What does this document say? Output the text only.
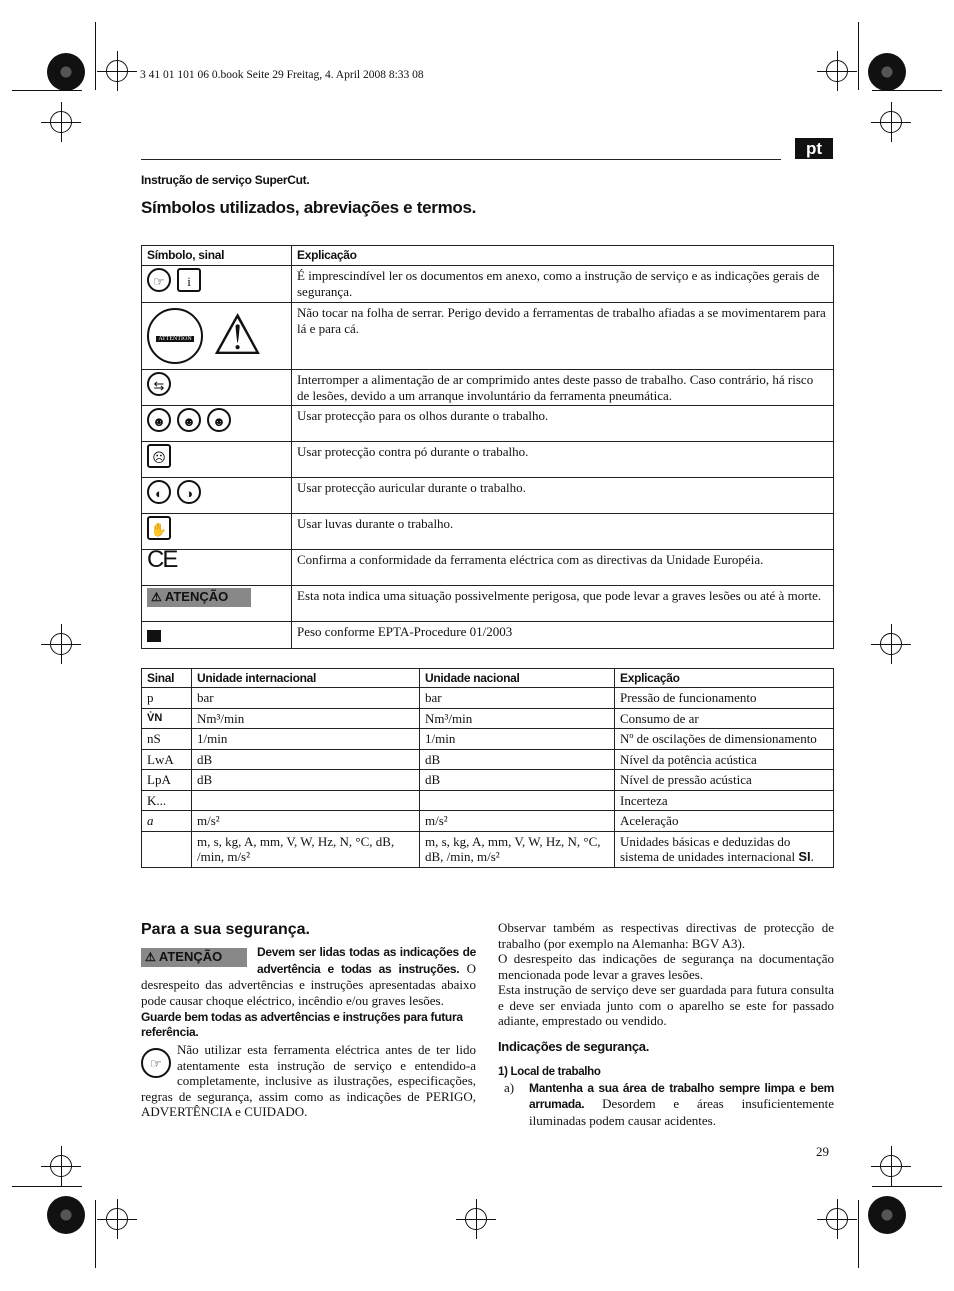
3 41 01 101 06 0.book Seite 29 Freitag, 4. April 2008 8:33 08
pt
Instrução de serviço SuperCut.
Símbolos utilizados, abreviações e termos.
Símbolo, sinal	Explicação
☞ i	É imprescindível ler os documentos em anexo, como a instrução de serviço e as indicações gerais de segurança.
ATTENTION ⚠	Não tocar na folha de serrar. Perigo devido a ferramentas de trabalho afiadas a se movimentarem para lá e para cá.
⇆	Interromper a alimentação de ar comprimido antes deste passo de trabalho. Caso contrário, há risco de lesões, devido a um arranque involuntário da ferramenta pneumática.
☻ ☻ ☻	Usar protecção para os olhos durante o trabalho.
☹	Usar protecção contra pó durante o trabalho.
◐ ◑	Usar protecção auricular durante o trabalho.
✋	Usar luvas durante o trabalho.
CE	Confirma a conformidade da ferramenta eléctrica com as directivas da Unidade Européia.
⚠ ATENÇÃO	Esta nota indica uma situação possivelmente perigosa, que pode levar a graves lesões ou até à morte.
	Peso conforme EPTA-Procedure 01/2003
Sinal	Unidade internacional	Unidade nacional	Explicação
p	bar	bar	Pressão de funcionamento
V̇N	Nm³/min	Nm³/min	Consumo de ar
nS	1/min	1/min	Nº de oscilações de dimensionamento
LwA	dB	dB	Nível da potência acústica
LpA	dB	dB	Nível de pressão acústica
K...			Incerteza
a	m/s²	m/s²	Aceleração
	m, s, kg, A, mm, V, W, Hz, N, °C, dB, /min, m/s²	m, s, kg, A, mm, V, W, Hz, N, °C, dB, /min, m/s²	Unidades básicas e deduzidas do sistema de unidades internacional SI.
Para a sua segurança.
⚠ ATENÇÃO	Devem ser lidas todas as indicações de advertência e todas as instruções. O desrespeito das advertências e instruções apresentadas abaixo pode causar choque eléctrico, incêndio e/ou graves lesões.
Guarde bem todas as advertências e instruções para futura referência.
☞
Não utilizar esta ferramenta eléctrica antes de ter lido atentamente esta instrução de serviço e entendido-a completamente, inclusive as ilustrações, especificações, regras de segurança, assim como as indicações de PERIGO, ADVERTÊNCIA e CUIDADO.
Observar também as respectivas directivas de protecção de trabalho (por exemplo na Alemanha: BGV A3).
O desrespeito das indicações de segurança na documentação mencionada pode levar a graves lesões.
Esta instrução de serviço deve ser guardada para futura consulta e deve ser enviada junto com o aparelho se este for passado adiante, emprestado ou vendido.
Indicações de segurança.
1) Local de trabalho
a)	Mantenha a sua área de trabalho sempre limpa e bem arrumada. Desordem e áreas insuficientemente iluminadas podem causar acidentes.
29
